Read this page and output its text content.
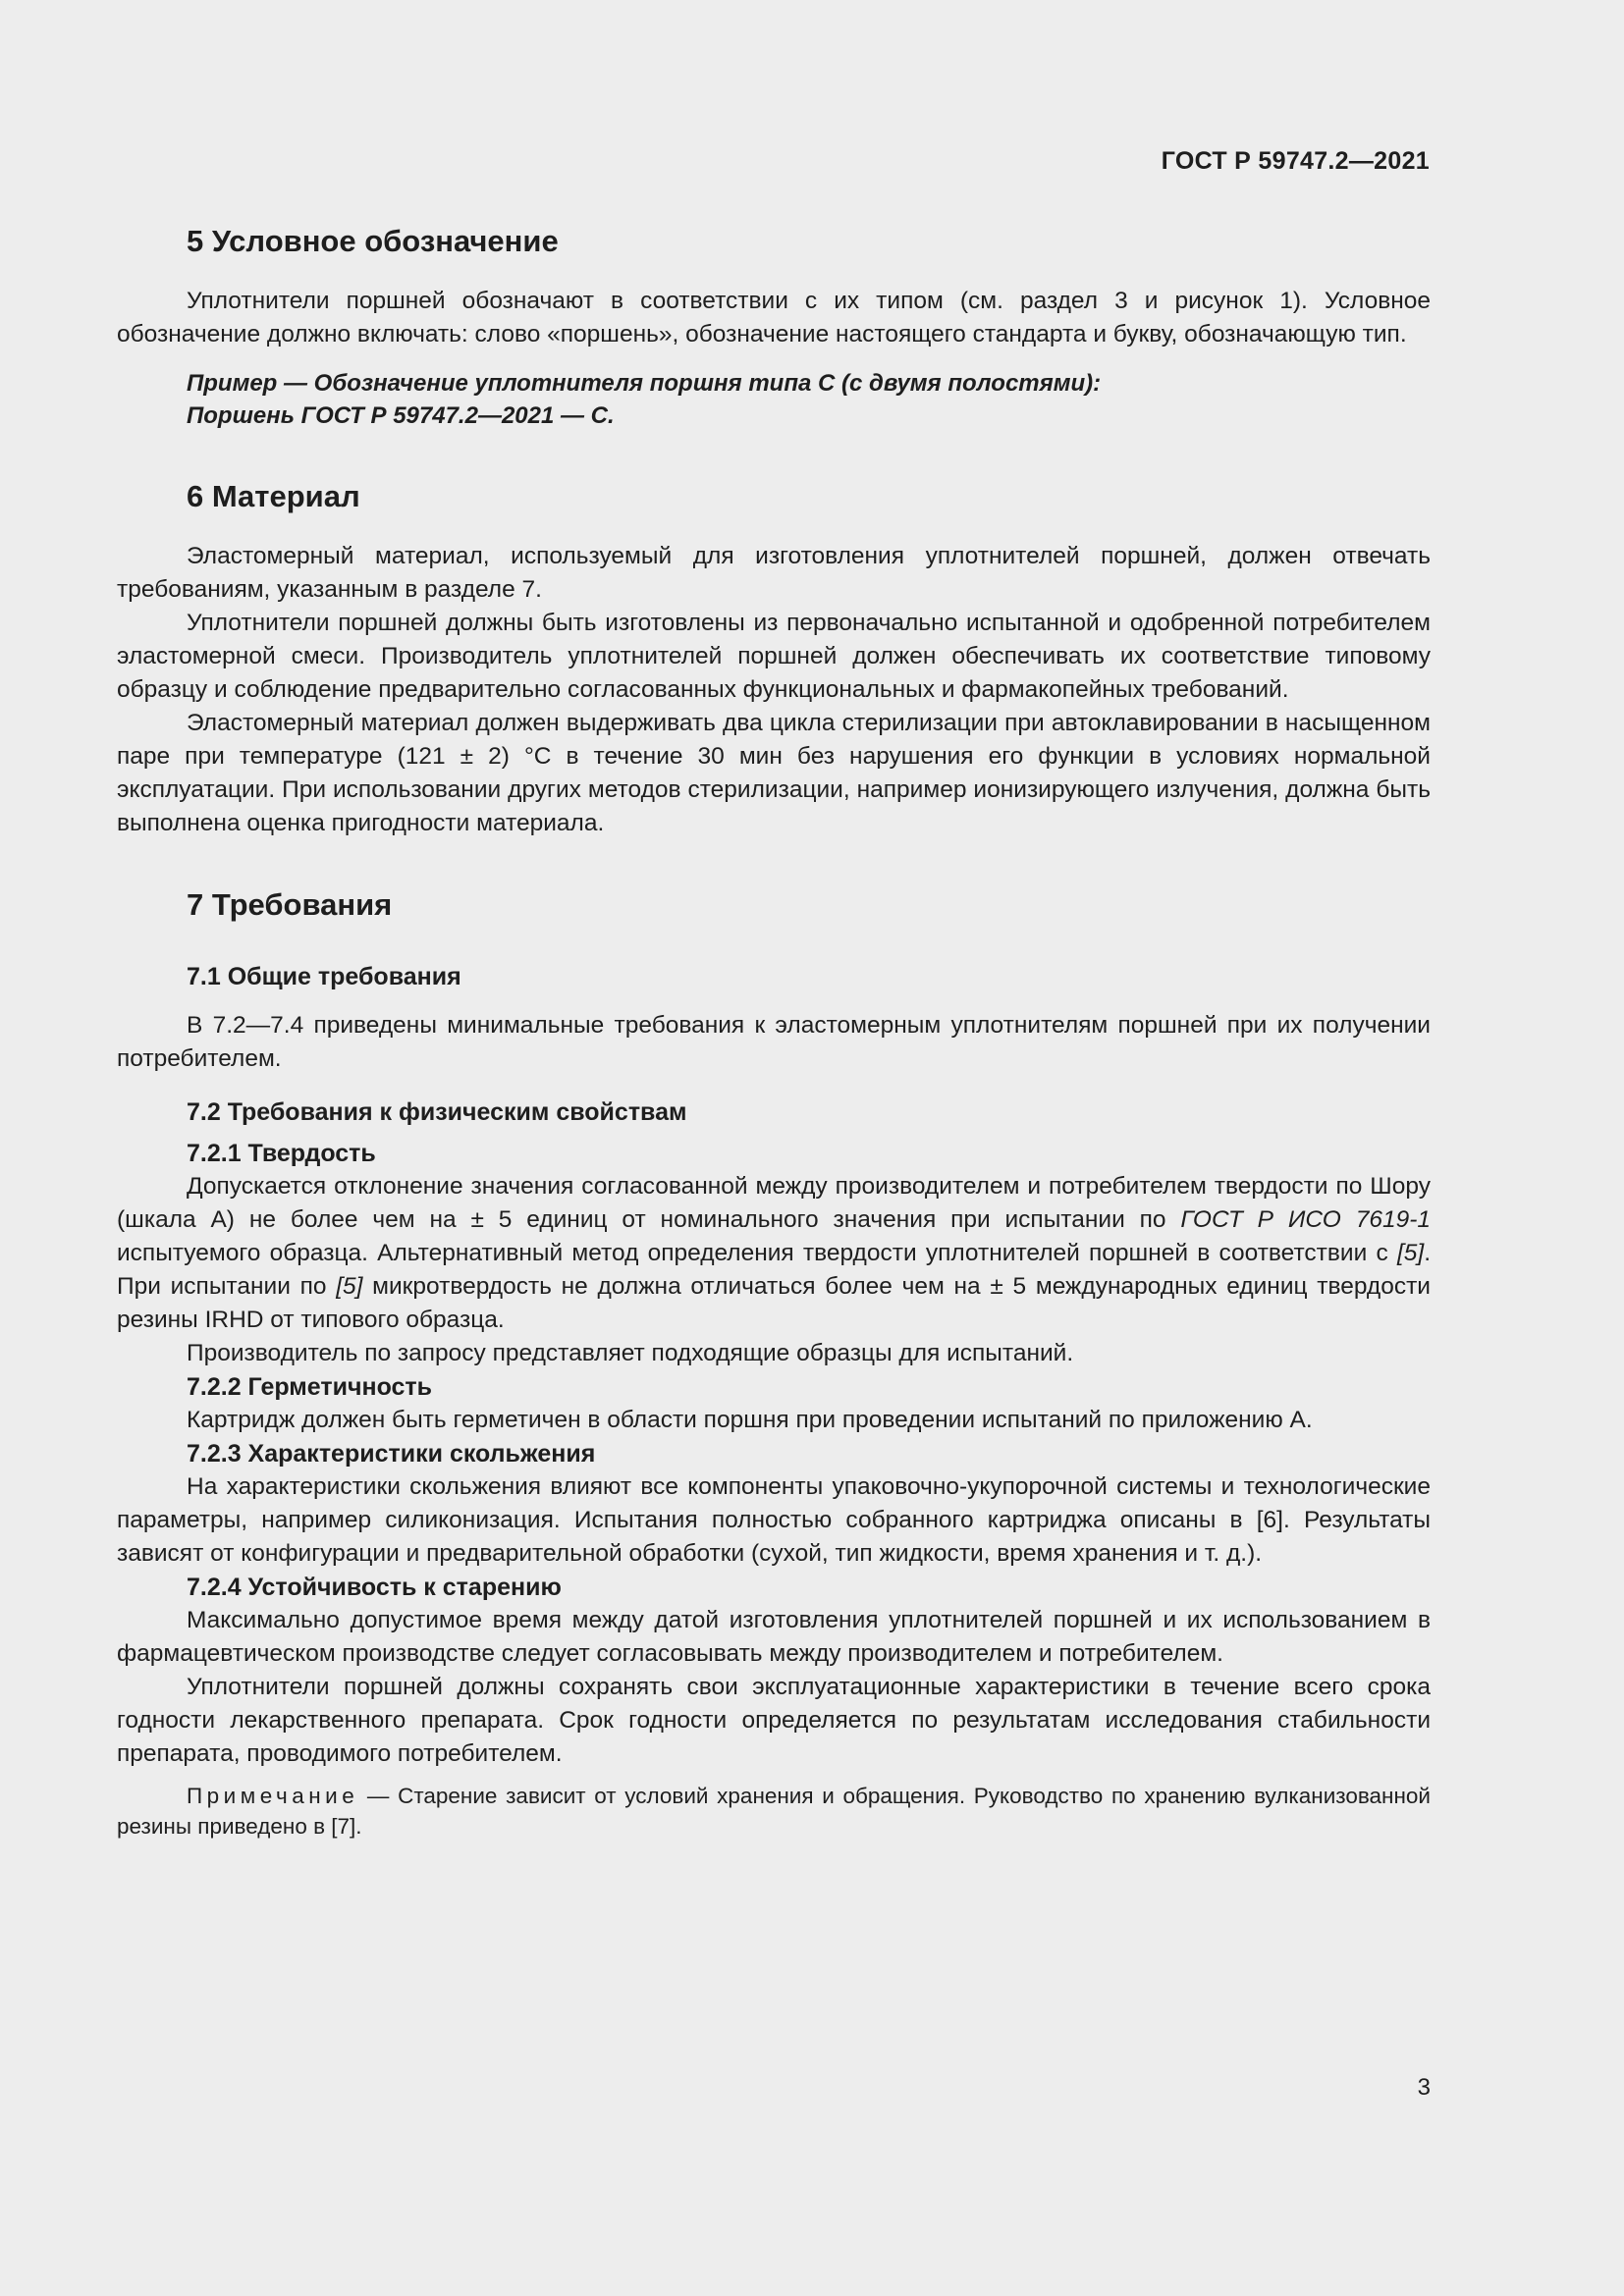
ГОСТ Р 59747.2—2021
5 Условное обозначение

Уплотнители поршней обозначают в соответствии с их типом (см. раздел 3 и рисунок 1). Условное обозначение должно включать: слово «поршень», обозначение настоящего стандарта и букву, обозначающую тип.

Пример — Обозначение уплотнителя поршня типа С (с двумя полостями):
Поршень ГОСТ Р 59747.2—2021 — С.
6 Материал

Эластомерный материал, используемый для изготовления уплотнителей поршней, должен отвечать требованиям, указанным в разделе 7.

Уплотнители поршней должны быть изготовлены из первоначально испытанной и одобренной потребителем эластомерной смеси. Производитель уплотнителей поршней должен обеспечивать их соответствие типовому образцу и соблюдение предварительно согласованных функциональных и фармакопейных требований.

Эластомерный материал должен выдерживать два цикла стерилизации при автоклавировании в насыщенном паре при температуре (121 ± 2) °С в течение 30 мин без нарушения его функции в условиях нормальной эксплуатации. При использовании других методов стерилизации, например ионизирующего излучения, должна быть выполнена оценка пригодности материала.

7 Требования
7.1 Общие требования

В 7.2—7.4 приведены минимальные требования к эластомерным уплотнителям поршней при их получении потребителем.

7.2 Требования к физическим свойствам
7.2.1 Твердость

Допускается отклонение значения согласованной между производителем и потребителем твердости по Шору (шкала А) не более чем на ± 5 единиц от номинального значения при испытании по ГОСТ Р ИСО 7619-1 испытуемого образца. Альтернативный метод определения твердости уплотнителей поршней в соответствии с [5]. При испытании по [5] микротвердость не должна отличаться более чем на ± 5 международных единиц твердости резины IRHD от типового образца.

Производитель по запросу представляет подходящие образцы для испытаний.

7.2.2 Герметичность

Картридж должен быть герметичен в области поршня при проведении испытаний по приложению А.

7.2.3 Характеристики скольжения

На характеристики скольжения влияют все компоненты упаковочно-укупорочной системы и технологические параметры, например силиконизация. Испытания полностью собранного картриджа описаны в [6]. Результаты зависят от конфигурации и предварительной обработки (сухой, тип жидкости, время хранения и т. д.).

7.2.4 Устойчивость к старению

Максимально допустимое время между датой изготовления уплотнителей поршней и их использованием в фармацевтическом производстве следует согласовывать между производителем и потребителем.

Уплотнители поршней должны сохранять свои эксплуатационные характеристики в течение всего срока годности лекарственного препарата. Срок годности определяется по результатам исследования стабильности препарата, проводимого потребителем.

Примечание — Старение зависит от условий хранения и обращения. Руководство по хранению вулканизованной резины приведено в [7].
3
